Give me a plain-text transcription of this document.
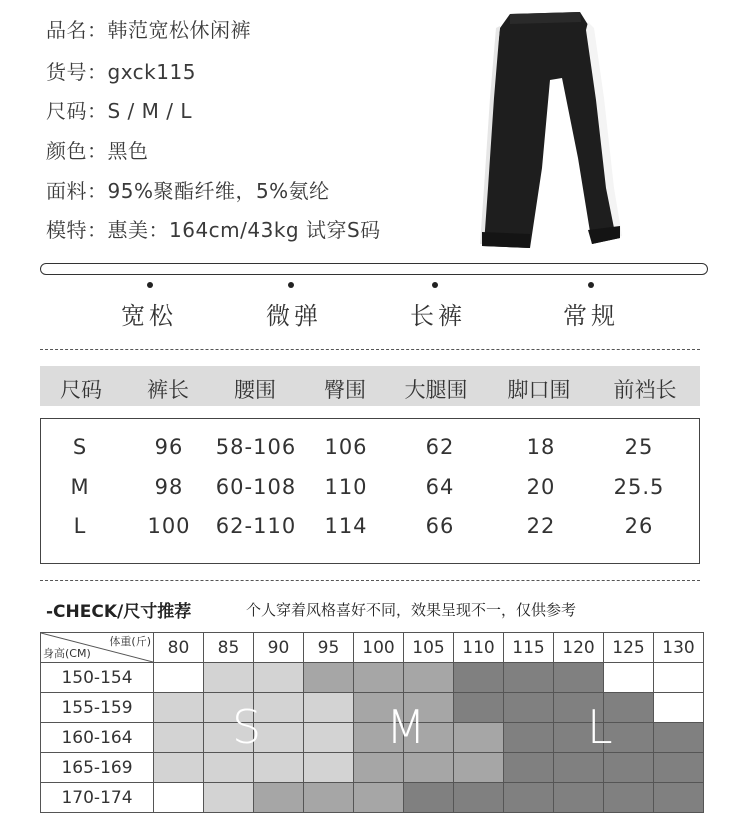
品名：韩范宽松休闲裤
货号：gxck115
尺码：S / M / L
颜色：黑色
面料：95%聚酯纤维，5%氨纶
模特：惠美：164cm/43kg 试穿S码
宽松	微弹	长裤	常规
尺码 裤长 腰围 臀围 大腿围 脚口围 前裆长
S	96 58-106 106	62	18	25
M	98 60-108 110	64	20	25.5
L	100 62-110 114	66	22	26
-CHECK/尺寸推荐	个人穿着风格喜好不同，效果呈现不一，仅供参考
体重(斤)
身高(CM)	80	85	90	95	100	105	110	115	120	125	130
150-154											
155-159											
160-164											
165-169											
170-174											
S	M	L
